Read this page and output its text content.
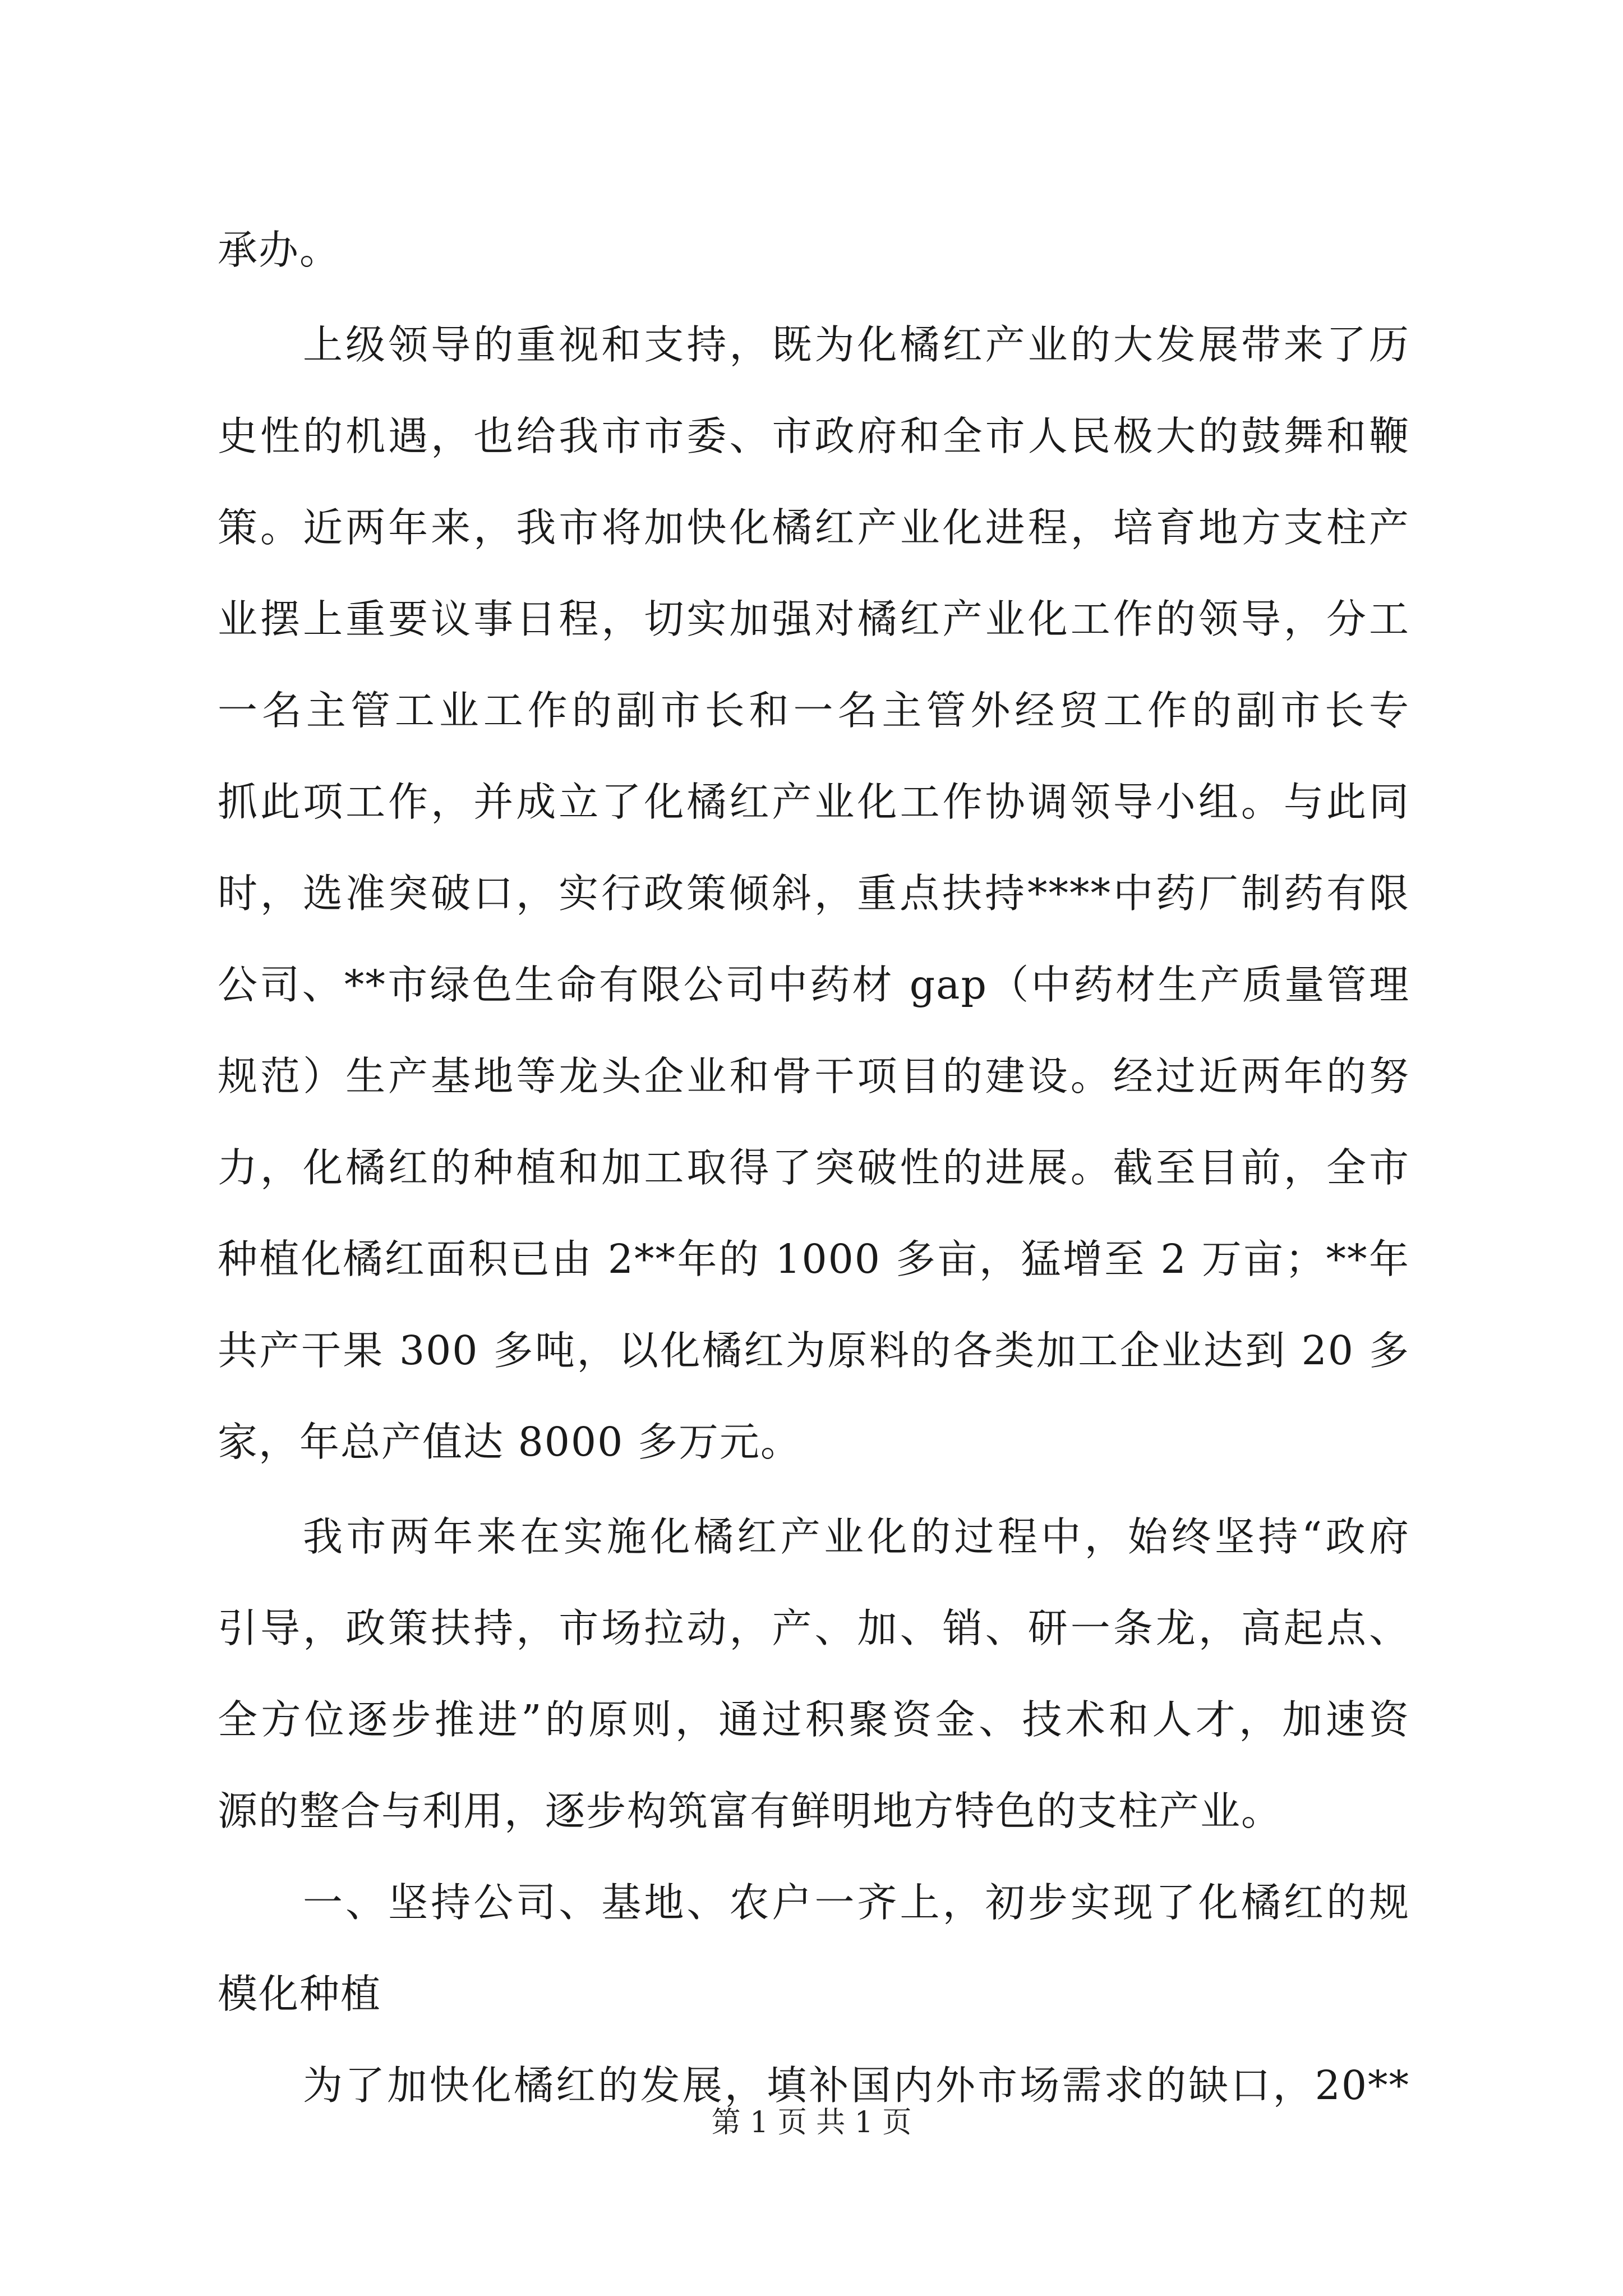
承办。
上级领导的重视和支持，既为化橘红产业的大发展带来了历
史性的机遇，也给我市市委、市政府和全市人民极大的鼓舞和鞭
策。近两年来，我市将加快化橘红产业化进程，培育地方支柱产
业摆上重要议事日程，切实加强对橘红产业化工作的领导，分工
一名主管工业工作的副市长和一名主管外经贸工作的副市长专
抓此项工作，并成立了化橘红产业化工作协调领导小组。与此同
时，选准突破口，实行政策倾斜，重点扶持****中药厂制药有限
公司、**市绿色生命有限公司中药材 gap（中药材生产质量管理
规范）生产基地等龙头企业和骨干项目的建设。经过近两年的努
力，化橘红的种植和加工取得了突破性的进展。截至目前，全市
种植化橘红面积已由 2**年的 1000 多亩，猛增至 2 万亩；**年
共产干果 300 多吨，以化橘红为原料的各类加工企业达到 20 多
家，年总产值达 8000 多万元。
我市两年来在实施化橘红产业化的过程中，始终坚持“政府
引导，政策扶持，市场拉动，产、加、销、研一条龙，高起点、
全方位逐步推进”的原则，通过积聚资金、技术和人才，加速资
源的整合与利用，逐步构筑富有鲜明地方特色的支柱产业。
一、坚持公司、基地、农户一齐上，初步实现了化橘红的规
模化种植
为了加快化橘红的发展，填补国内外市场需求的缺口，20**
第 1 页 共 1 页
